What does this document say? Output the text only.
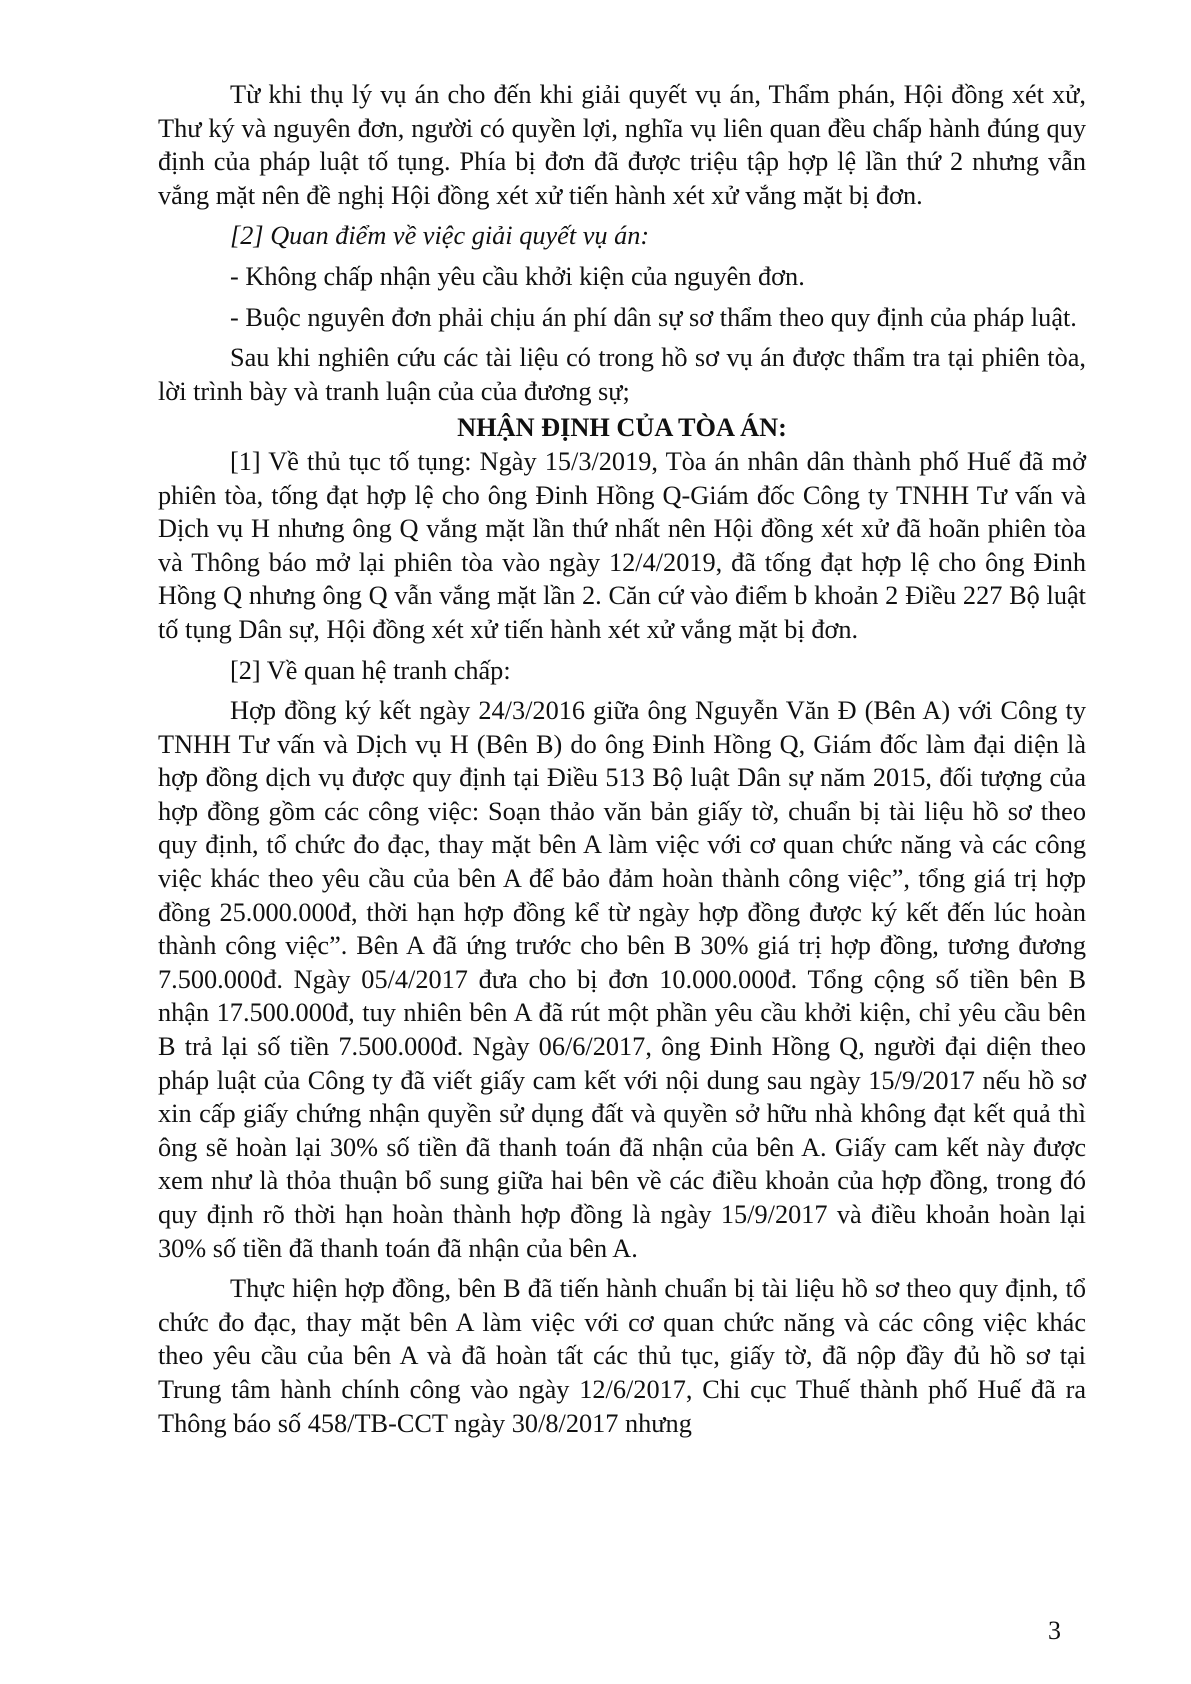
Từ khi thụ lý vụ án cho đến khi giải quyết vụ án, Thẩm phán, Hội đồng xét xử, Thư ký và nguyên đơn, người có quyền lợi, nghĩa vụ liên quan đều chấp hành đúng quy định của pháp luật tố tụng. Phía bị đơn đã được triệu tập hợp lệ lần thứ 2 nhưng vẫn vắng mặt nên đề nghị Hội đồng xét xử tiến hành xét xử vắng mặt bị đơn.

[2] Quan điểm về việc giải quyết vụ án:

- Không chấp nhận yêu cầu khởi kiện của nguyên đơn.

- Buộc nguyên đơn phải chịu án phí dân sự sơ thẩm theo quy định của pháp luật.

Sau khi nghiên cứu các tài liệu có trong hồ sơ vụ án được thẩm tra tại phiên tòa, lời trình bày và tranh luận của của đương sự;

NHẬN ĐỊNH CỦA TÒA ÁN:

[1] Về thủ tục tố tụng: Ngày 15/3/2019, Tòa án nhân dân thành phố Huế đã mở phiên tòa, tống đạt hợp lệ cho ông Đinh Hồng Q-Giám đốc Công ty TNHH Tư vấn và Dịch vụ H nhưng ông Q vắng mặt lần thứ nhất nên Hội đồng xét xử đã hoãn phiên tòa và Thông báo mở lại phiên tòa vào ngày 12/4/2019, đã tống đạt hợp lệ cho ông Đinh Hồng Q nhưng ông Q vẫn vắng mặt lần 2. Căn cứ vào điểm b khoản 2 Điều 227 Bộ luật tố tụng Dân sự, Hội đồng xét xử tiến hành xét xử vắng mặt bị đơn.

[2] Về quan hệ tranh chấp:

Hợp đồng ký kết ngày 24/3/2016 giữa ông Nguyễn Văn Đ (Bên A) với Công ty TNHH Tư vấn và Dịch vụ H (Bên B) do ông Đinh Hồng Q, Giám đốc làm đại diện là hợp đồng dịch vụ được quy định tại Điều 513 Bộ luật Dân sự năm 2015, đối tượng của hợp đồng gồm các công việc: Soạn thảo văn bản giấy tờ, chuẩn bị tài liệu hồ sơ theo quy định, tổ chức đo đạc, thay mặt bên A làm việc với cơ quan chức năng và các công việc khác theo yêu cầu của bên A để bảo đảm hoàn thành công việc”, tổng giá trị hợp đồng 25.000.000đ, thời hạn hợp đồng kể từ ngày hợp đồng được ký kết đến lúc hoàn thành công việc”. Bên A đã ứng trước cho bên B 30% giá trị hợp đồng, tương đương 7.500.000đ. Ngày 05/4/2017 đưa cho bị đơn 10.000.000đ. Tổng cộng số tiền bên B nhận 17.500.000đ, tuy nhiên bên A đã rút một phần yêu cầu khởi kiện, chỉ yêu cầu bên B trả lại số tiền 7.500.000đ. Ngày 06/6/2017, ông Đinh Hồng Q, người đại diện theo pháp luật của Công ty đã viết giấy cam kết với nội dung sau ngày 15/9/2017 nếu hồ sơ xin cấp giấy chứng nhận quyền sử dụng đất và quyền sở hữu nhà không đạt kết quả thì ông sẽ hoàn lại 30% số tiền đã thanh toán đã nhận của bên A. Giấy cam kết này được xem như là thỏa thuận bổ sung giữa hai bên về các điều khoản của hợp đồng, trong đó quy định rõ thời hạn hoàn thành hợp đồng là ngày 15/9/2017 và điều khoản hoàn lại 30% số tiền đã thanh toán đã nhận của bên A.

Thực hiện hợp đồng, bên B đã tiến hành chuẩn bị tài liệu hồ sơ theo quy định, tổ chức đo đạc, thay mặt bên A làm việc với cơ quan chức năng và các công việc khác theo yêu cầu của bên A và đã hoàn tất các thủ tục, giấy tờ, đã nộp đầy đủ hồ sơ tại Trung tâm hành chính công vào ngày 12/6/2017, Chi cục Thuế thành phố Huế đã ra Thông báo số 458/TB-CCT ngày 30/8/2017 nhưng

3
